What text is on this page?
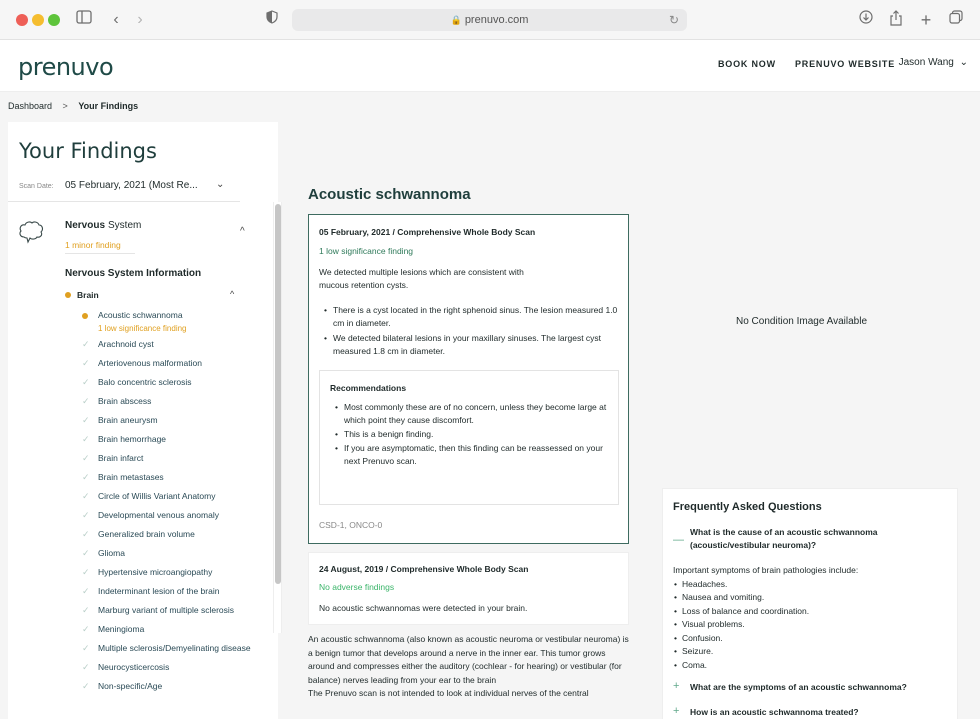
‹	›	🔒 prenuvo.com	↻	+
prenuvo	BOOK NOW PRENUVO WEBSITE Jason Wang ⌄
Dashboard > Your Findings
Your Findings
Scan Date: 05 February, 2021 (Most Re... ⌄
Nervous System
1 minor finding
^
Nervous System Information
Brain	^
Acoustic schwannoma
1 low significance finding
✓ Arachnoid cyst
✓ Arteriovenous malformation
✓ Balo concentric sclerosis
✓ Brain abscess
✓ Brain aneurysm
✓ Brain hemorrhage
✓ Brain infarct
✓ Brain metastases
✓ Circle of Willis Variant Anatomy
✓ Developmental venous anomaly
✓ Generalized brain volume
✓ Glioma
✓ Hypertensive microangiopathy
✓ Indeterminant lesion of the brain
✓ Marburg variant of multiple sclerosis
✓ Meningioma
✓ Multiple sclerosis/Demyelinating disease
✓ Neurocysticercosis
✓ Non-specific/Age
Acoustic schwannoma
05 February, 2021 / Comprehensive Whole Body Scan
1 low significance finding
We detected multiple lesions which are consistent with mucous retention cysts.
• There is a cyst located in the right sphenoid sinus. The lesion measured 1.0 cm in diameter.
• We detected bilateral lesions in your maxillary sinuses. The largest cyst measured 1.8 cm in diameter.
Recommendations
• Most commonly these are of no concern, unless they become large at which point they cause discomfort.
• This is a benign finding.
• If you are asymptomatic, then this finding can be reassessed on your next Prenuvo scan.
CSD-1, ONCO-0
24 August, 2019 / Comprehensive Whole Body Scan
No adverse findings
No acoustic schwannomas were detected in your brain.

An acoustic schwannoma (also known as acoustic neuroma or vestibular neuroma) is a benign tumor that develops around a nerve in the inner ear. This tumor grows around and compresses either the auditory (cochlear - for hearing) or vestibular (for balance) nerves leading from your ear to the brain

The Prenuvo scan is not intended to look at individual nerves of the central

No Condition Image Available
Frequently Asked Questions
—
What is the cause of an acoustic schwannoma (acoustic/vestibular neuroma)?

Important symptoms of brain pathologies include:

• Headaches.
• Nausea and vomiting.
• Loss of balance and coordination.
• Visual problems.
• Confusion.
• Seizure.
• Coma.
+	What are the symptoms of an acoustic schwannoma?
+	How is an acoustic schwannoma treated?
